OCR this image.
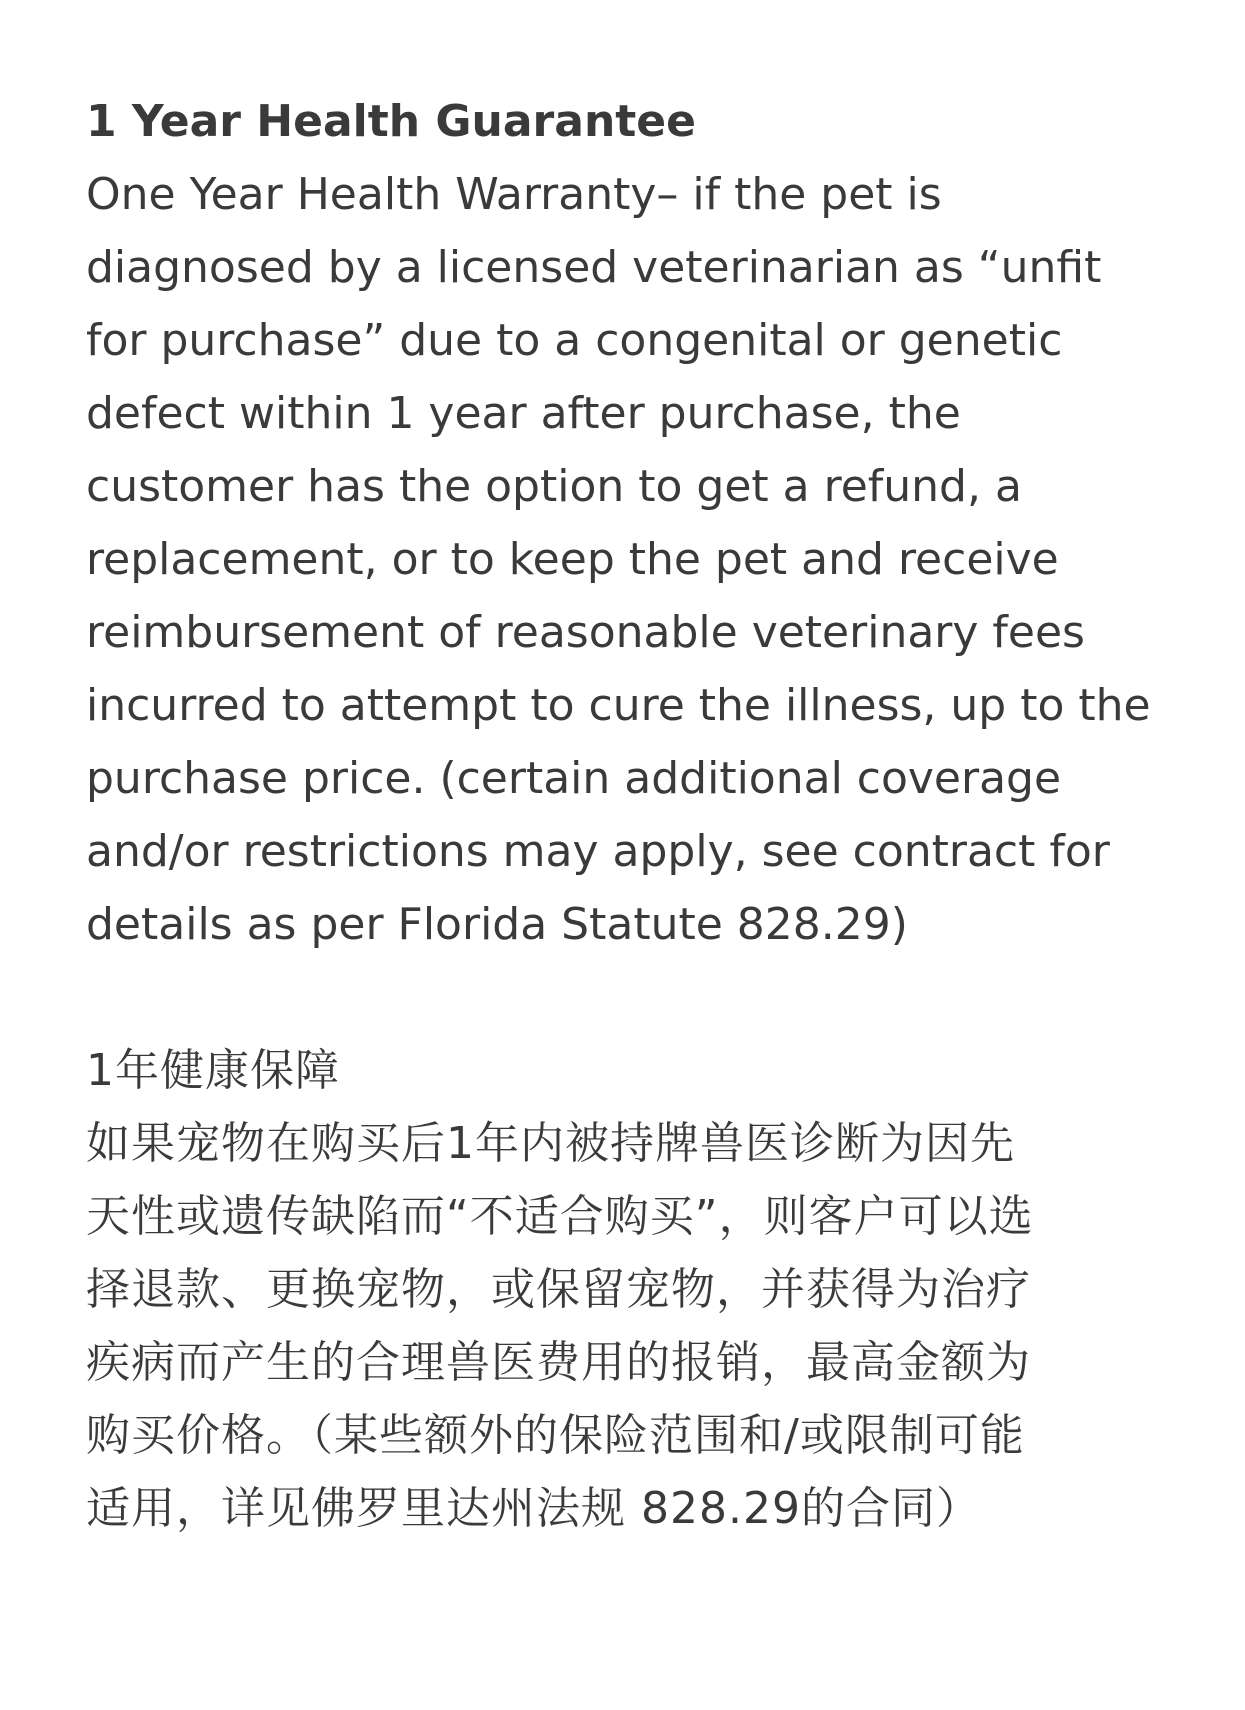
1 Year Health Guarantee

One Year Health Warranty– if the pet is

diagnosed by a licensed veterinarian as “unfit

for purchase” due to a congenital or genetic

defect within 1 year after purchase, the

customer has the option to get a refund, a

replacement, or to keep the pet and receive

reimbursement of reasonable veterinary fees

incurred to attempt to cure the illness, up to the

purchase price. (certain additional coverage

and/or restrictions may apply, see contract for

details as per Florida Statute 828.29)

1年健康保障

如果宠物在购买后1年内被持牌兽医诊断为因先

天性或遗传缺陷而“不适合购买”，则客户可以选

择退款、更换宠物，或保留宠物，并获得为治疗

疾病而产生的合理兽医费用的报销，最高金额为

购买价格。（某些额外的保险范围和/或限制可能

适用，详见佛罗里达州法规 828.29的合同）
